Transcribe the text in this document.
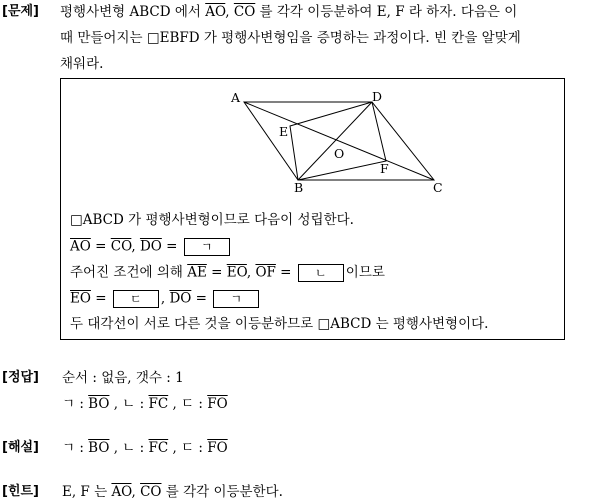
[문제] 평행사변형 ABCD 에서 $\overline{AO}$, $\overline{CO}$ 를 각각 이등분하여 E, F 라 하자. 다음은 이
때 만들어지는 □EBFD 가 평행사변형임을 증명하는 과정이다. 빈 칸을 알맞게
채워라.
A	D
E
O
F
B	C
□ABCD 가 평행사변형이므로 다음이 성립한다.
$\overline{AO} = \overline{CO}$, $\overline{DO}$ = ㄱ
주어진 조건에 의해 $\overline{AE} = \overline{EO}$, $\overline{OF}$ = ㄴ 이므로
$\overline{EO}$ = ㄷ , $\overline{DO}$ = ㄱ
두 대각선이 서로 다른 것을 이등분하므로 □ABCD 는 평행사변형이다.
[정답] 순서 : 없음, 갯수 : 1
ㄱ : $\overline{BO}$ , ㄴ : $\overline{FC}$ , ㄷ : $\overline{FO}$
[해설] ㄱ : $\overline{BO}$ , ㄴ : $\overline{FC}$ , ㄷ : $\overline{FO}$
[힌트] E, F 는 $\overline{AO}$, $\overline{CO}$ 를 각각 이등분한다.
